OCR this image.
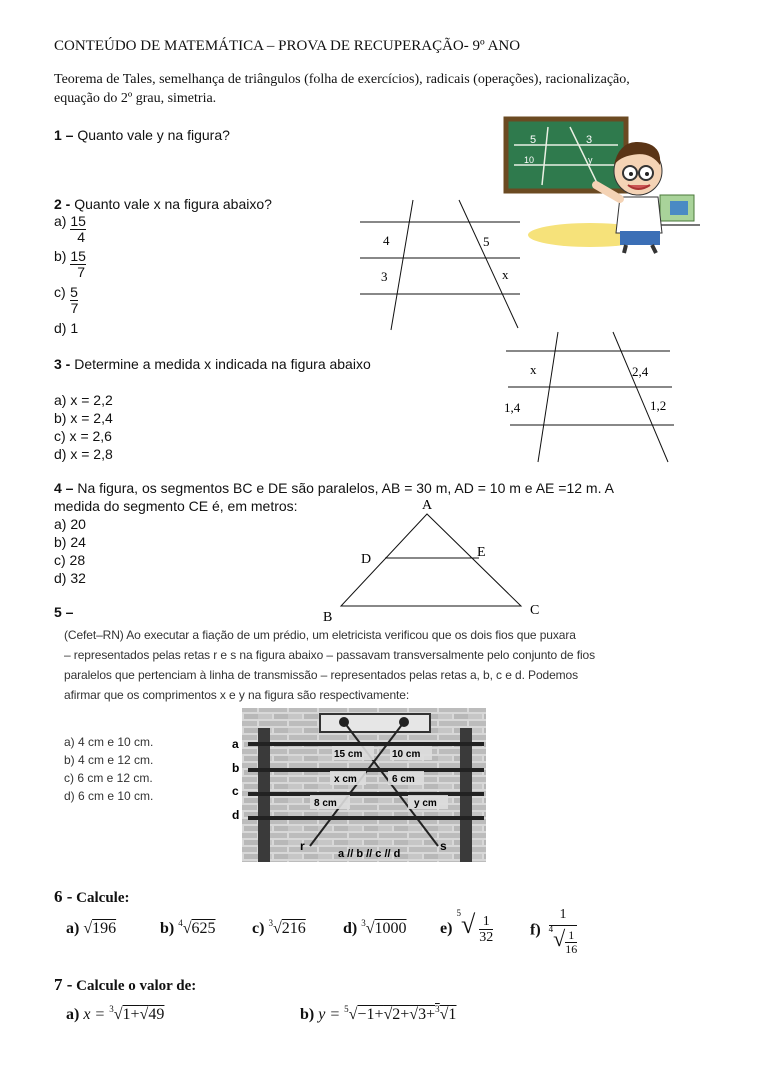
CONTEÚDO DE MATEMÁTICA – PROVA DE RECUPERAÇÃO- 9º ANO
Teorema de Tales, semelhança de triângulos (folha de exercícios), radicais (operações), racionalização,
equação do 2º grau, simetria.
1 – Quanto vale y na figura?	5	3
10	y
2 - Quanto vale x na figura abaixo?
$a) \frac{15}{4}$
$b) \frac{15}{7}$
$c) \frac{5}{7}$
d) 1
4	5
3	x
3 - Determine a medida x indicada na figura abaixo
a) x = 2,2
b) x = 2,4
c) x = 2,6
d) x = 2,8
x	2,4
1,4	1,2
4 – Na figura, os segmentos BC e DE são paralelos, AB = 30 m, AD = 10 m e AE =12 m. A
medida do segmento CE é, em metros:
a) 20
b) 24
c) 28
d) 32
A
D	E
B	C
5 –
(Cefet–RN) Ao executar a fiação de um prédio, um eletricista verificou que os dois fios que puxara
– representados pelas retas r e s na figura abaixo – passavam transversalmente pelo conjunto de fios
paralelos que pertenciam à linha de transmissão – representados pelas retas a, b, c e d. Podemos
afirmar que os comprimentos x e y na figura são respectivamente:
a) 4 cm e 10 cm.
b) 4 cm e 12 cm.
c) 6 cm e 12 cm.
d) 6 cm e 10 cm.
a
b
c
d
15 cm	10 cm
x cm	6 cm
8 cm	y cm
r	s
a // b // c // d
6 - Calcule:
a) √196	b) $^4$√625 c) $^3$√216 d) $^3$√1000 e) $^5√ \frac{1}{32} f) \frac{1}{^4√ \frac{1}{16}}$
7 - Calcule o valor de:
a) x = $^3$√1+√49	b) y = $^5$√−1+√2+√3+$^3$√1
